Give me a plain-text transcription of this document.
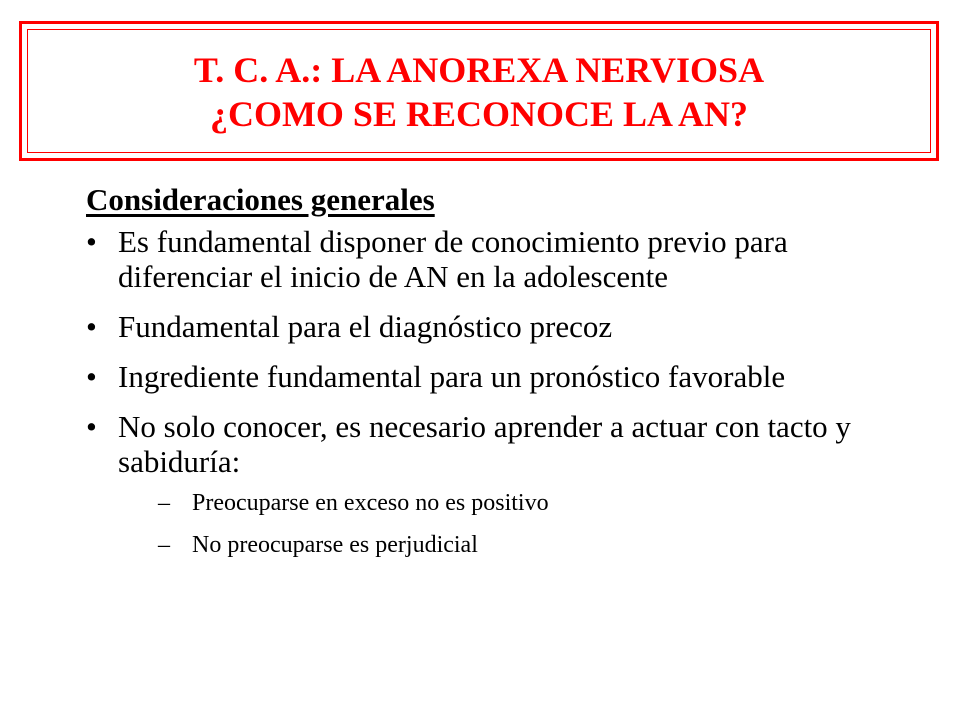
T. C. A.: LA ANOREXA NERVIOSA
¿COMO SE RECONOCE LA AN?
Consideraciones generales
• Es fundamental disponer de conocimiento previo para diferenciar el inicio de AN en la adolescente
• Fundamental para el diagnóstico precoz
• Ingrediente fundamental para un pronóstico favorable
• No solo conocer, es necesario aprender a actuar con tacto y sabiduría:
– Preocuparse en exceso no es positivo
– No preocuparse es perjudicial
